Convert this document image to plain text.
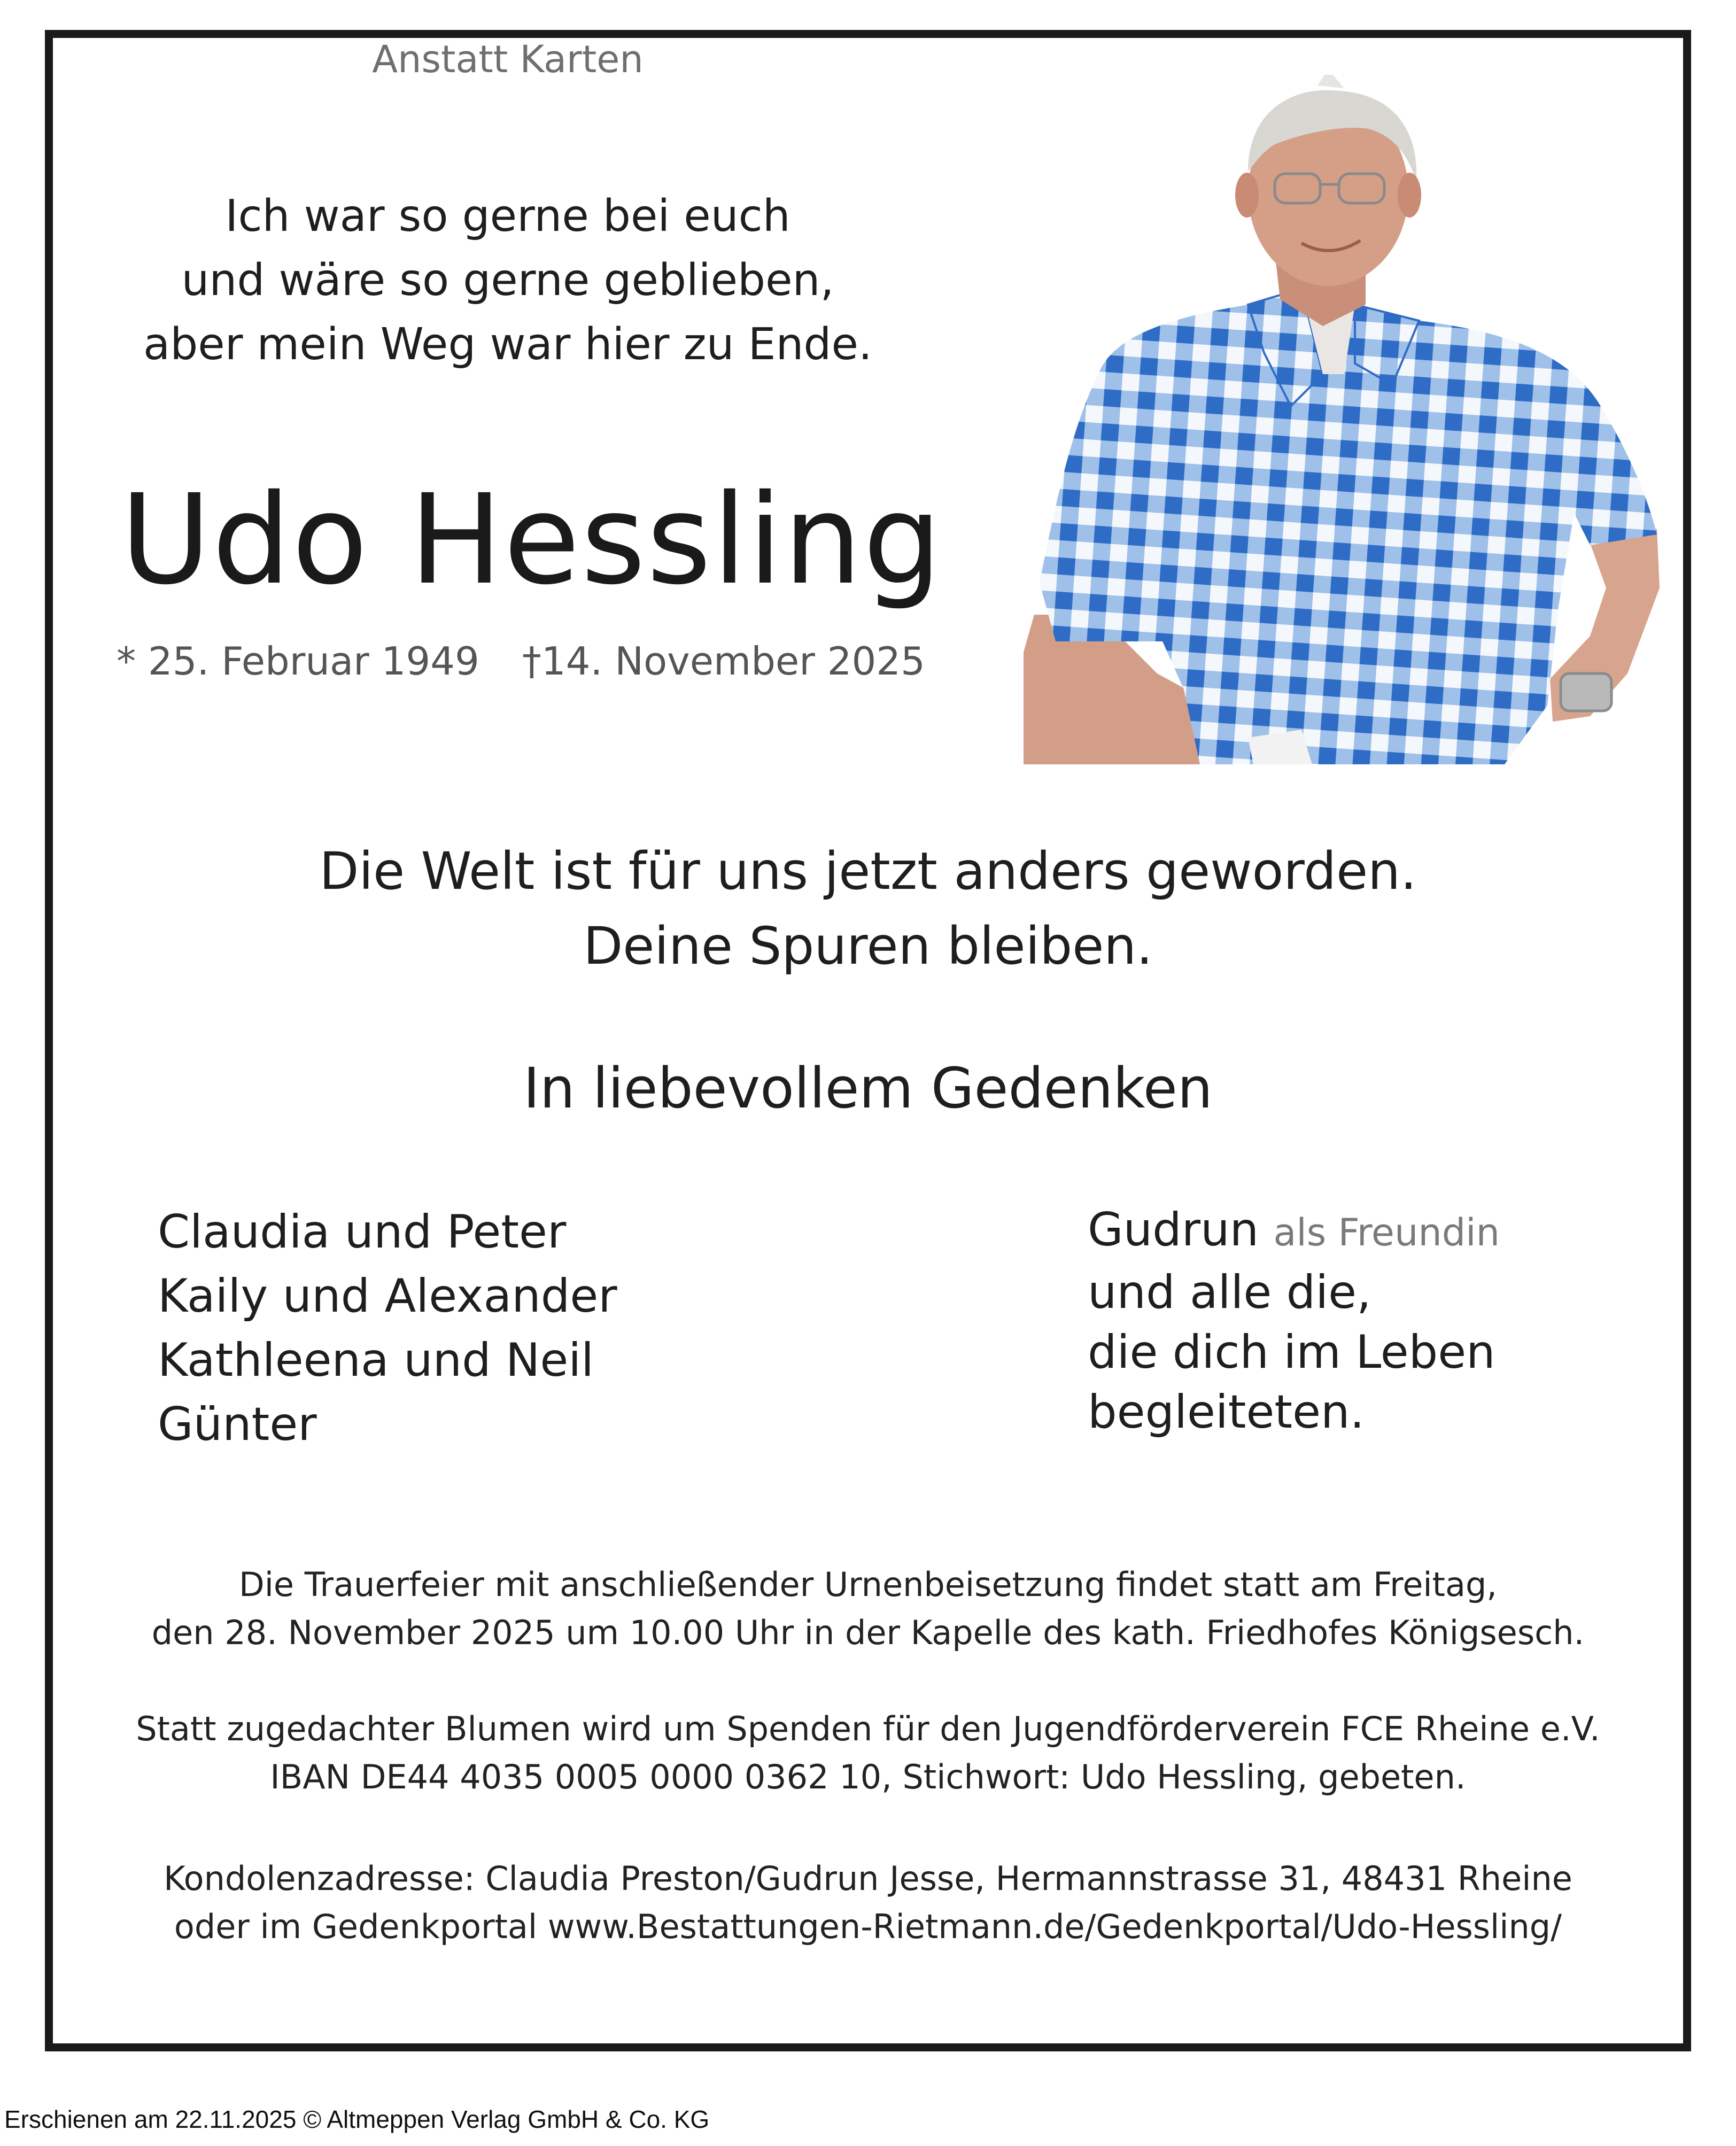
Anstatt Karten
Ich war so gerne bei euch
und wäre so gerne geblieben,
aber mein Weg war hier zu Ende.
Udo Hessling
* 25. Februar 1949 †14. November 2025
Die Welt ist für uns jetzt anders geworden.
Deine Spuren bleiben.
In liebevollem Gedenken
Claudia und Peter
Kaily und Alexander
Kathleena und Neil
Günter
Gudrun als Freundin
und alle die,
die dich im Leben
begleiteten.
Die Trauerfeier mit anschließender Urnenbeisetzung findet statt am Freitag,
den 28. November 2025 um 10.00 Uhr in der Kapelle des kath. Friedhofes Königsesch.
Statt zugedachter Blumen wird um Spenden für den Jugendförderverein FCE Rheine e.V.
IBAN DE44 4035 0005 0000 0362 10, Stichwort: Udo Hessling, gebeten.
Kondolenzadresse: Claudia Preston/Gudrun Jesse, Hermannstrasse 31, 48431 Rheine
oder im Gedenkportal www.Bestattungen-Rietmann.de/Gedenkportal/Udo-Hessling/
Erschienen am 22.11.2025 © Altmeppen Verlag GmbH & Co. KG
